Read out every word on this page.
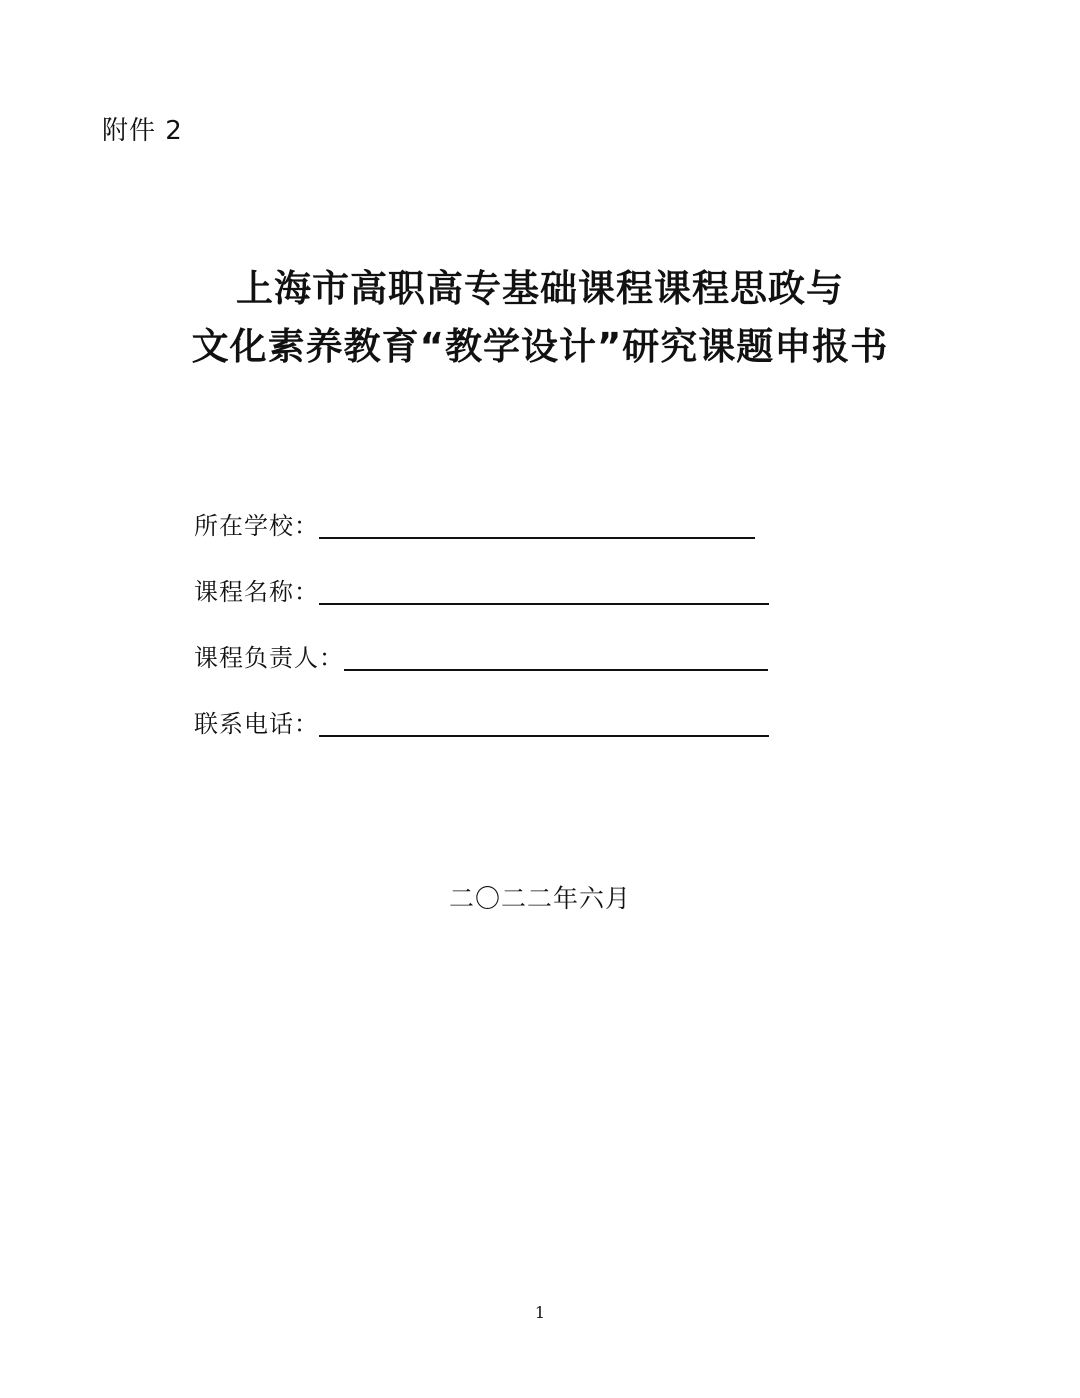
附件 2
上海市高职高专基础课程课程思政与
文化素养教育“教学设计”研究课题申报书
所在学校：
课程名称：
课程负责人：
联系电话：
二〇二二年六月
1
